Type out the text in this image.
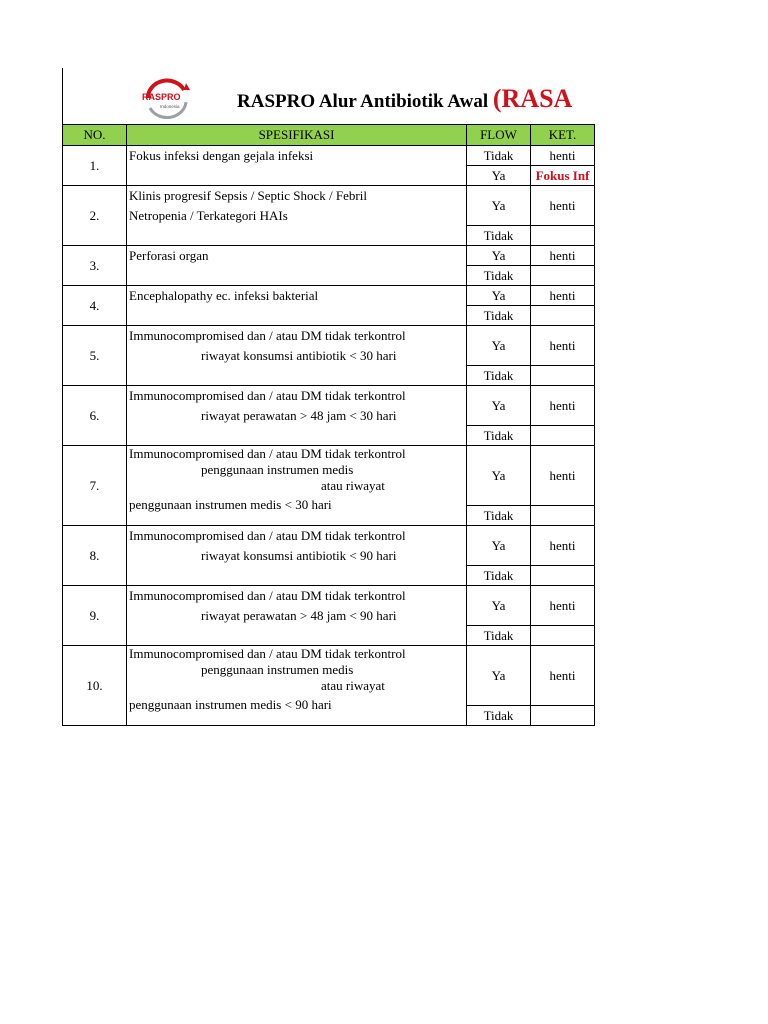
RASPRO
Indonesia	RASPRO Alur Antibiotik Awal (RASA
NO.	SPESIFIKASI	FLOW	KET.
1.	Fokus infeksi dengan gejala infeksi	Tidak	henti
		Ya	Fokus Inf
2.	Klinis progresif Sepsis / Septic Shock / Febril
Netropenia / Terkategori HAIs	Ya	henti
		Tidak	
3.	Perforasi organ	Ya	henti
		Tidak	
4.	Encephalopathy ec. infeksi bakterial	Ya	henti
		Tidak	
5.	Immunocompromised dan / atau DM tidak terkontrol
riwayat konsumsi antibiotik < 30 hari	Ya	henti
		Tidak	
6.	Immunocompromised dan / atau DM tidak terkontrol
riwayat perawatan > 48 jam < 30 hari	Ya	henti
		Tidak	
7.	Immunocompromised dan / atau DM tidak terkontrol
penggunaan instrumen medis
atau riwayat
penggunaan instrumen medis < 30 hari	Ya	henti
		Tidak	
8.	Immunocompromised dan / atau DM tidak terkontrol
riwayat konsumsi antibiotik < 90 hari	Ya	henti
		Tidak	
9.	Immunocompromised dan / atau DM tidak terkontrol
riwayat perawatan > 48 jam < 90 hari	Ya	henti
		Tidak	
10.	Immunocompromised dan / atau DM tidak terkontrol
penggunaan instrumen medis
atau riwayat
penggunaan instrumen medis < 90 hari	Ya	henti
		Tidak	
